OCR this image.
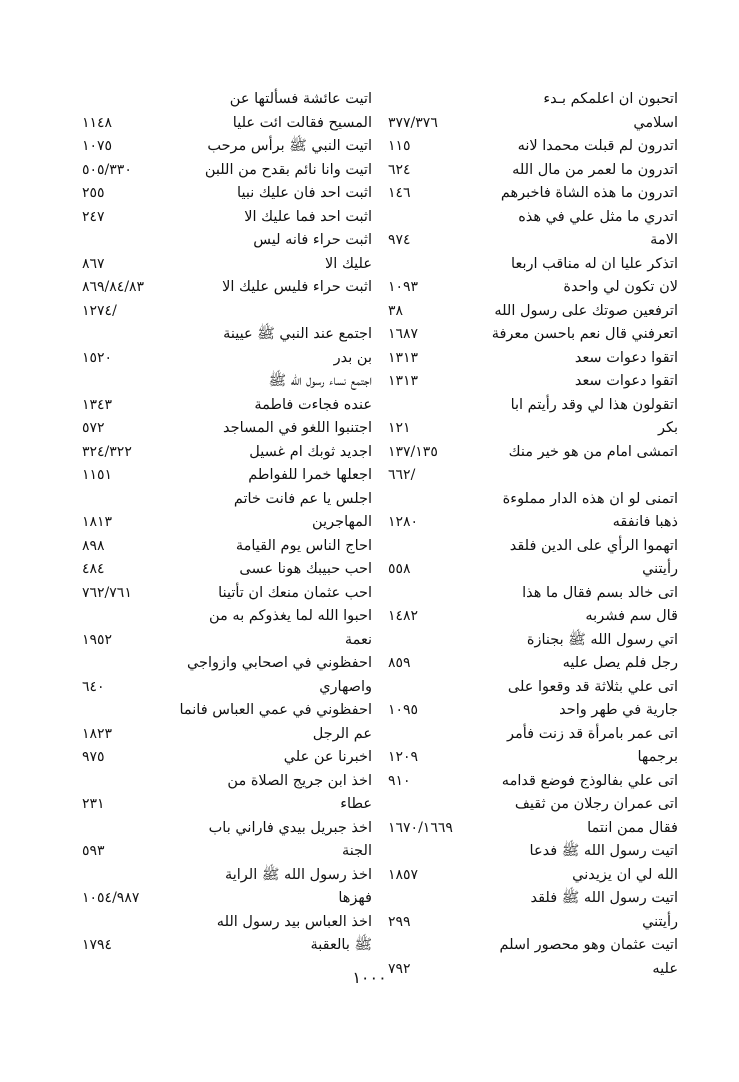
اتحبون ان اعلمكم بـدء
اسلامي
٣٧٧/٣٧٦
اتدرون لم قبلت محمدا لانه
١١٥
اتدرون ما لعمر من مال الله
٦٢٤
اتدرون ما هذه الشاة فاخبرهم
١٤٦
اتدري ما مثل علي في هذه
الامة
٩٧٤
اتذكر عليا ان له مناقب اربعا
لان تكون لي واحدة
١٠٩٣
اترفعين صوتك على رسول الله
٣٨
اتعرفني قال نعم باحسن معرفة
١٦٨٧
اتقوا دعوات سعد
١٣١٣
اتقوا دعوات سعد
١٣١٣
اتقولون هذا لي وقد رأيتم ابا
بكر
١٢١
اتمشى امام من هو خير منك
١٣٧/١٣٥
٦٦٢/
اتمنى لو ان هذه الدار مملوءة
ذهبا فانفقه
١٢٨٠
اتهموا الرأي على الدين فلقد
رأيتني
٥٥٨
اتى خالد بسم فقال ما هذا
قال سم فشربه
١٤٨٢
اتي رسول الله ﷺ بجنازة
رجل فلم يصل عليه
٨٥٩
اتى علي بثلاثة قد وقعوا على
جارية في طهر واحد
١٠٩٥
اتى عمر بامرأة قد زنت فأمر
برجمها
١٢٠٩
اتى علي بفالوذج فوضع قدامه
٩١٠
اتى عمران رجلان من ثقيف
فقال ممن انتما
١٦٧٠/١٦٦٩
اتيت رسول الله ﷺ فدعا
الله لي ان يزيدني
١٨٥٧
اتيت رسول الله ﷺ فلقد
رأيتني
٢٩٩
اتيت عثمان وهو محصور اسلم
عليه
٧٩٢
اتيت عائشة فسألتها عن
المسيح فقالت ائت عليا
١١٤٨
اتيت النبي ﷺ برأس مرحب
١٠٧٥
اتيت وانا نائم بقدح من اللبن
٥٠٥/٣٣٠
اثبت احد فان عليك نبيا
٢٥٥
اثبت احد فما عليك الا
٢٤٧
اثبت حراء فانه ليس
عليك الا
٨٦٧
اثبت حراء فليس عليك الا
٨٦٩/٨٤/٨٣
١٢٧٤/
اجتمع عند النبي ﷺ عيينة
بن بدر
١٥٢٠
اجتمع نساء رسول الله ﷺ
عنده فجاءت فاطمة
١٣٤٣
اجتنبوا اللغو في المساجد
٥٧٢
اجديد ثوبك ام غسيل
٣٢٤/٣٢٢
اجعلها خمرا للفواطم
١١٥١
اجلس يا عم فانت خاتم
المهاجرين
١٨١٣
احاج الناس يوم القيامة
٨٩٨
احب حبيبك هونا عسى
٤٨٤
احب عثمان منعك ان تأتينا
٧٦٢/٧٦١
احبوا الله لما يغذوكم به من
نعمة
١٩٥٢
احفظوني في اصحابي وازواجي
واصهاري
٦٤٠
احفظوني في عمي العباس فانما
عم الرجل
١٨٢٣
اخبرنا عن علي
٩٧٥
اخذ ابن جريج الصلاة من
عطاء
٢٣١
اخذ جبريل بيدي فاراني باب
الجنة
٥٩٣
اخذ رسول الله ﷺ الراية
فهزها
١٠٥٤/٩٨٧
اخذ العباس بيد رسول الله
ﷺ بالعقبة
١٧٩٤
١٠٠٠
